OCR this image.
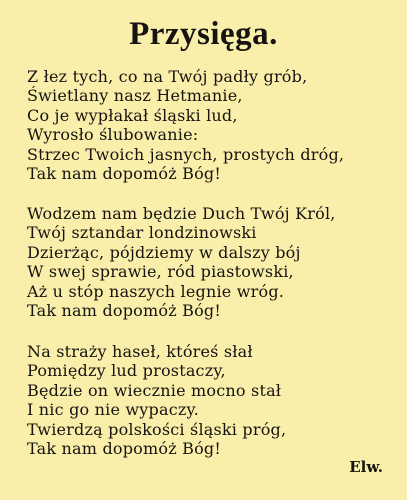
Przysięga.
Z łez tych, co na Twój padły grób,
Świetlany nasz Hetmanie,
Co je wypłakał śląski lud,
Wyrosło ślubowanie:
Strzec Twoich jasnych, prostych dróg,
Tak nam dopomóż Bóg!
Wodzem nam będzie Duch Twój Król,
Twój sztandar londzinowski
Dzierżąc, pójdziemy w dalszy bój
W swej sprawie, ród piastowski,
Aż u stóp naszych legnie wróg.
Tak nam dopomóż Bóg!
Na straży haseł, któreś słał
Pomiędzy lud prostaczy,
Będzie on wiecznie mocno stał
I nic go nie wypaczy.
Twierdzą polskości śląski próg,
Tak nam dopomóż Bóg!
Elw.
